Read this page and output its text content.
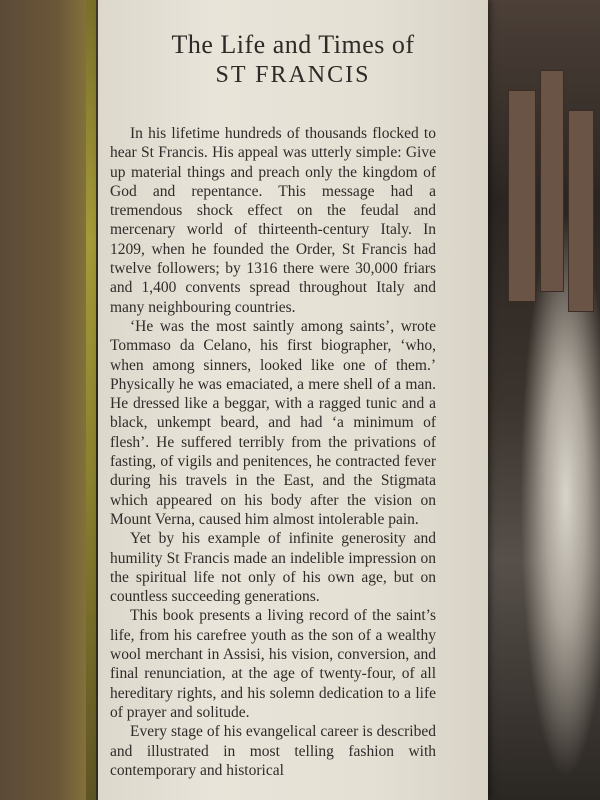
The Life and Times of
ST FRANCIS

In his lifetime hundreds of thousands flocked to hear St Francis. His appeal was utterly simple: Give up material things and preach only the kingdom of God and repentance. This message had a tremendous shock effect on the feudal and mercenary world of thirteenth-century Italy. In 1209, when he founded the Order, St Francis had twelve followers; by 1316 there were 30,000 friars and 1,400 convents spread throughout Italy and many neighbouring countries.

‘He was the most saintly among saints’, wrote Tommaso da Celano, his first biographer, ‘who, when among sinners, looked like one of them.’ Physically he was emaciated, a mere shell of a man. He dressed like a beggar, with a ragged tunic and a black, unkempt beard, and had ‘a minimum of flesh’. He suffered terribly from the privations of fasting, of vigils and penitences, he contracted fever during his travels in the East, and the Stigmata which appeared on his body after the vision on Mount Verna, caused him almost intolerable pain.

Yet by his example of infinite generosity and humility St Francis made an indelible impression on the spiritual life not only of his own age, but on countless succeeding generations.

This book presents a living record of the saint’s life, from his carefree youth as the son of a wealthy wool merchant in Assisi, his vision, conversion, and final renunciation, at the age of twenty-four, of all hereditary rights, and his solemn dedication to a life of prayer and solitude.

Every stage of his evangelical career is described and illustrated in most telling fashion with contemporary and historical
